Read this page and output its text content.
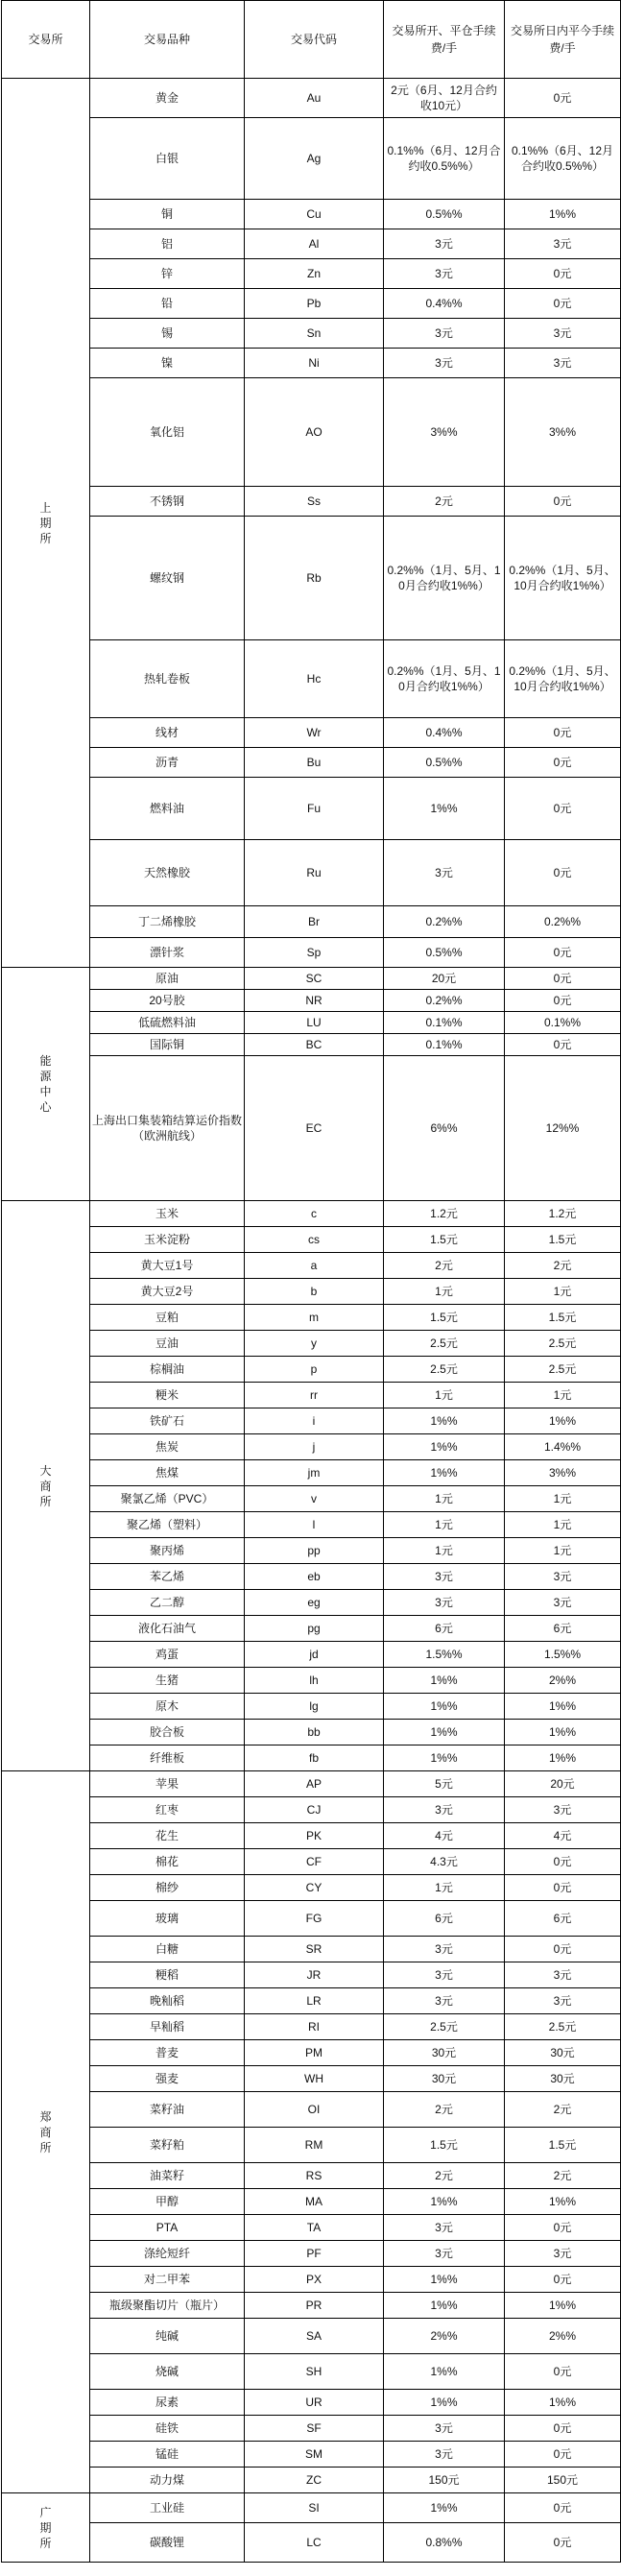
交易所	交易品种	交易代码	交易所开、平仓手续费/手	交易所日内平今手续费/手
上
期
所	黄金	Au	2元（6月、12月合约收10元）	0元
	白银	Ag	0.1%%（6月、12月合约收0.5%%）	0.1%%（6月、12月合约收0.5%%）
	铜	Cu	0.5%%	1%%
	铝	Al	3元	3元
	锌	Zn	3元	0元
	铅	Pb	0.4%%	0元
	锡	Sn	3元	3元
	镍	Ni	3元	3元
	氧化铝	AO	3%%	3%%
	不锈钢	Ss	2元	0元
	螺纹钢	Rb	0.2%%（1月、5月、10月合约收1%%）	0.2%%（1月、5月、10月合约收1%%）
	热轧卷板	Hc	0.2%%（1月、5月、10月合约收1%%）	0.2%%（1月、5月、10月合约收1%%）
	线材	Wr	0.4%%	0元
	沥青	Bu	0.5%%	0元
	燃料油	Fu	1%%	0元
	天然橡胶	Ru	3元	0元
	丁二烯橡胶	Br	0.2%%	0.2%%
	漂针浆	Sp	0.5%%	0元
能
源
中
心	原油	SC	20元	0元
	20号胶	NR	0.2%%	0元
	低硫燃料油	LU	0.1%%	0.1%%
	国际铜	BC	0.1%%	0元
	上海出口集装箱结算运价指数（欧洲航线）	EC	6%%	12%%
大
商
所	玉米	c	1.2元	1.2元
	玉米淀粉	cs	1.5元	1.5元
	黄大豆1号	a	2元	2元
	黄大豆2号	b	1元	1元
	豆粕	m	1.5元	1.5元
	豆油	y	2.5元	2.5元
	棕榈油	p	2.5元	2.5元
	粳米	rr	1元	1元
	铁矿石	i	1%%	1%%
	焦炭	j	1%%	1.4%%
	焦煤	jm	1%%	3%%
	聚氯乙烯（PVC）	v	1元	1元
	聚乙烯（塑料）	l	1元	1元
	聚丙烯	pp	1元	1元
	苯乙烯	eb	3元	3元
	乙二醇	eg	3元	3元
	液化石油气	pg	6元	6元
	鸡蛋	jd	1.5%%	1.5%%
	生猪	lh	1%%	2%%
	原木	lg	1%%	1%%
	胶合板	bb	1%%	1%%
	纤维板	fb	1%%	1%%
郑
商
所	苹果	AP	5元	20元
	红枣	CJ	3元	3元
	花生	PK	4元	4元
	棉花	CF	4.3元	0元
	棉纱	CY	1元	0元
	玻璃	FG	6元	6元
	白糖	SR	3元	0元
	粳稻	JR	3元	3元
	晚籼稻	LR	3元	3元
	早籼稻	RI	2.5元	2.5元
	普麦	PM	30元	30元
	强麦	WH	30元	30元
	菜籽油	OI	2元	2元
	菜籽粕	RM	1.5元	1.5元
	油菜籽	RS	2元	2元
	甲醇	MA	1%%	1%%
	PTA	TA	3元	0元
	涤纶短纤	PF	3元	3元
	对二甲苯	PX	1%%	0元
	瓶级聚酯切片（瓶片）	PR	1%%	1%%
	纯碱	SA	2%%	2%%
	烧碱	SH	1%%	0元
	尿素	UR	1%%	1%%
	硅铁	SF	3元	0元
	锰硅	SM	3元	0元
	动力煤	ZC	150元	150元
广
期
所	工业硅	SI	1%%	0元
	碳酸锂	LC	0.8%%	0元
